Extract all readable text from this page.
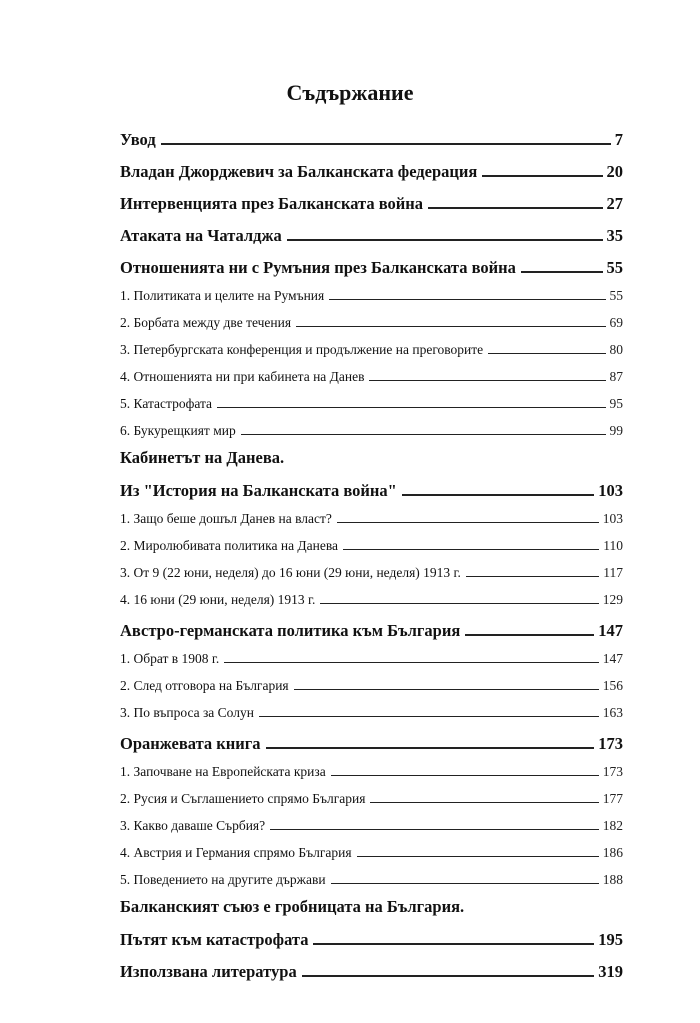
Съдържание
Увод	7
Владан Джорджевич за Балканската федерация	20
Интервенцията през Балканската война	27
Атаката на Чаталджа	35
Отношенията ни с Румъния през Балканската война	55
1. Политиката и целите на Румъния	55
2. Борбата между две течения	69
3. Петербургската конференция и продължение на преговорите	80
4. Отношенията ни при кабинета на Данев	87
5. Катастрофата	95
6. Букурещкият мир	99
Кабинетът на Данева.
Из "История на Балканската война"	103
1. Защо беше дошъл Данев на власт?	103
2. Миролюбивата политика на Данева	110
3. От 9 (22 юни, неделя) до 16 юни (29 юни, неделя) 1913 г.	117
4. 16 юни (29 юни, неделя) 1913 г.	129
Австро-германската политика към България	147
1. Обрат в 1908 г.	147
2. След отговора на България	156
3. По въпроса за Солун	163
Оранжевата книга	173
1. Започване на Европейската криза	173
2. Русия и Съглашението спрямо България	177
3. Какво даваше Сърбия?	182
4. Австрия и Германия спрямо България	186
5. Поведението на другите държави	188
Балканският съюз е гробницата на България.
Пътят към катастрофата	195
Използвана литература	319
